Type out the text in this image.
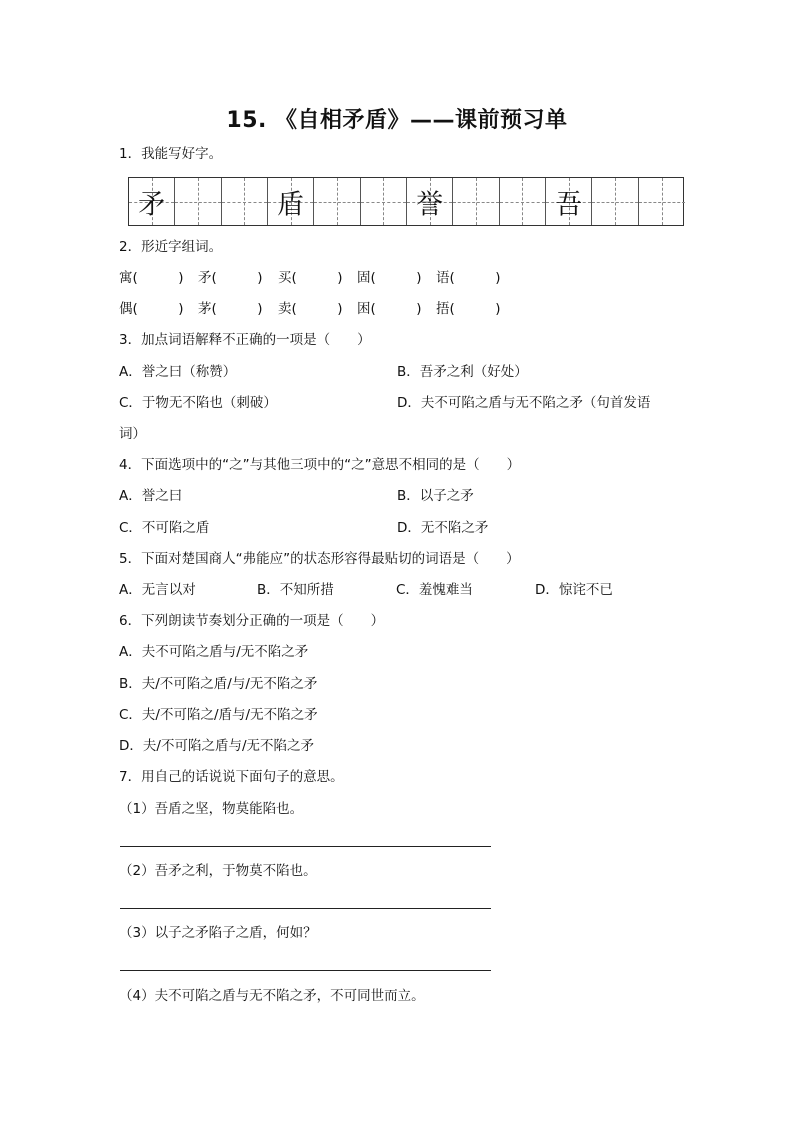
15. 《自相矛盾》——课前预习单
1．我能写好字。
矛	盾	誉	吾
2．形近字组词。
寓(　　　) 矛(　　　) 买(　　　) 固(　　　) 语(　　　)
偶(　　　) 茅(　　　) 卖(　　　) 困(　　　) 捂(　　　)
3．加点词语解释不正确的一项是（　　）
A．誉之曰（称赞）	B．吾矛之利（好处）
C．于物无不陷也（刺破）	D．夫不可陷之盾与无不陷之矛（句首发语
词）
4．下面选项中的“之”与其他三项中的“之”意思不相同的是（　　）
A．誉之曰	B．以子之矛
C．不可陷之盾	D．无不陷之矛
5．下面对楚国商人“弗能应”的状态形容得最贴切的词语是（　　）
A．无言以对	B．不知所措	C．羞愧难当	D．惊诧不已
6．下列朗读节奏划分正确的一项是（　　）
A．夫不可陷之盾与/无不陷之矛
B．夫/不可陷之盾/与/无不陷之矛
C．夫/不可陷之/盾与/无不陷之矛
D．夫/不可陷之盾与/无不陷之矛
7．用自己的话说说下面句子的意思。
（1）吾盾之坚，物莫能陷也。
（2）吾矛之利，于物莫不陷也。
（3）以子之矛陷子之盾，何如？
（4）夫不可陷之盾与无不陷之矛，不可同世而立。
